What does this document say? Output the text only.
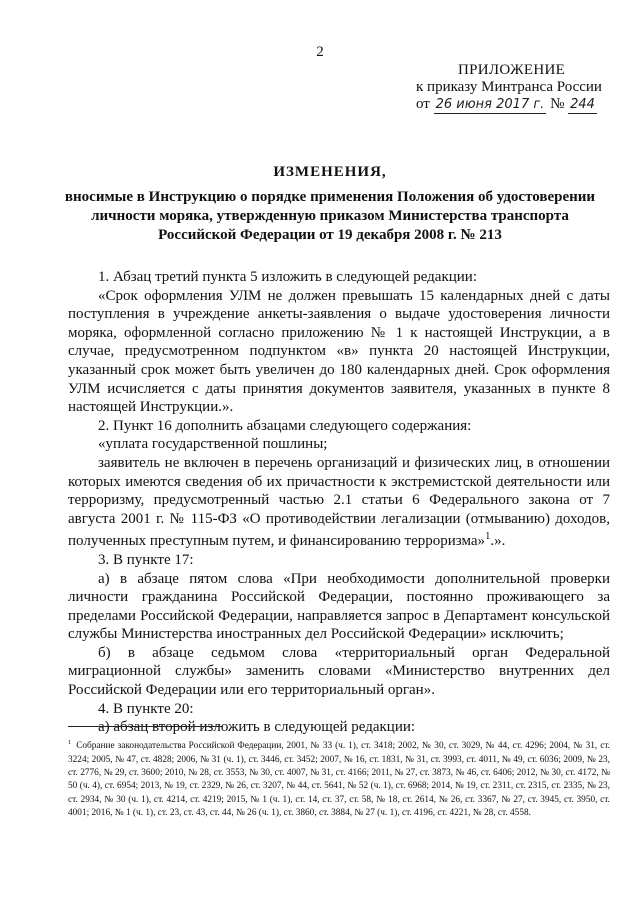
2
ПРИЛОЖЕНИЕ
к приказу Минтранса России
от 26 июня 2017 г. № 244
ИЗМЕНЕНИЯ,
вносимые в Инструкцию о порядке применения Положения об удостоверении личности моряка, утвержденную приказом Министерства транспорта Российской Федерации от 19 декабря 2008 г. № 213

1. Абзац третий пункта 5 изложить в следующей редакции:

«Срок оформления УЛМ не должен превышать 15 календарных дней с даты поступления в учреждение анкеты-заявления о выдаче удостоверения личности моряка, оформленной согласно приложению № 1 к настоящей Инструкции, а в случае, предусмотренном подпунктом «в» пункта 20 настоящей Инструкции, указанный срок может быть увеличен до 180 календарных дней. Срок оформления УЛМ исчисляется с даты принятия документов заявителя, указанных в пункте 8 настоящей Инструкции.».

2. Пункт 16 дополнить абзацами следующего содержания:

«уплата государственной пошлины;

заявитель не включен в перечень организаций и физических лиц, в отношении которых имеются сведения об их причастности к экстремистской деятельности или терроризму, предусмотренный частью 2.1 статьи 6 Федерального закона от 7 августа 2001 г. № 115-ФЗ «О противодействии легализации (отмыванию) доходов, полученных преступным путем, и финансированию терроризма»$^1$.».

3. В пункте 17:

а) в абзаце пятом слова «При необходимости дополнительной проверки личности гражданина Российской Федерации, постоянно проживающего за пределами Российской Федерации, направляется запрос в Департамент консульской службы Министерства иностранных дел Российской Федерации» исключить;

б) в абзаце седьмом слова «территориальный орган Федеральной миграционной службы» заменить словами «Министерство внутренних дел Российской Федерации или его территориальный орган».

4. В пункте 20:

а) абзац второй изложить в следующей редакции:

$^1$ Собрание законодательства Российской Федерации, 2001, № 33 (ч. 1), ст. 3418; 2002, № 30, ст. 3029, № 44, ст. 4296; 2004, № 31, ст. 3224; 2005, № 47, ст. 4828; 2006, № 31 (ч. 1), ст. 3446, ст. 3452; 2007, № 16, ст. 1831, № 31, ст. 3993, ст. 4011, № 49, ст. 6036; 2009, № 23, ст. 2776, № 29, ст. 3600; 2010, № 28, ст. 3553, № 30, ст. 4007, № 31, ст. 4166; 2011, № 27, ст. 3873, № 46, ст. 6406; 2012, № 30, ст. 4172, № 50 (ч. 4), ст. 6954; 2013, № 19, ст. 2329, № 26, ст. 3207, № 44, ст. 5641, № 52 (ч. 1), ст. 6968; 2014, № 19, ст. 2311, ст. 2315, ст. 2335, № 23, ст. 2934, № 30 (ч. 1), ст. 4214, ст. 4219; 2015, № 1 (ч. 1), ст. 14, ст. 37, ст. 58, № 18, ст. 2614, № 26, ст. 3367, № 27, ст. 3945, ст. 3950, ст. 4001; 2016, № 1 (ч. 1), ст. 23, ст. 43, ст. 44, № 26 (ч. 1), ст. 3860, ст. 3884, № 27 (ч. 1), ст. 4196, ст. 4221, № 28, ст. 4558.
